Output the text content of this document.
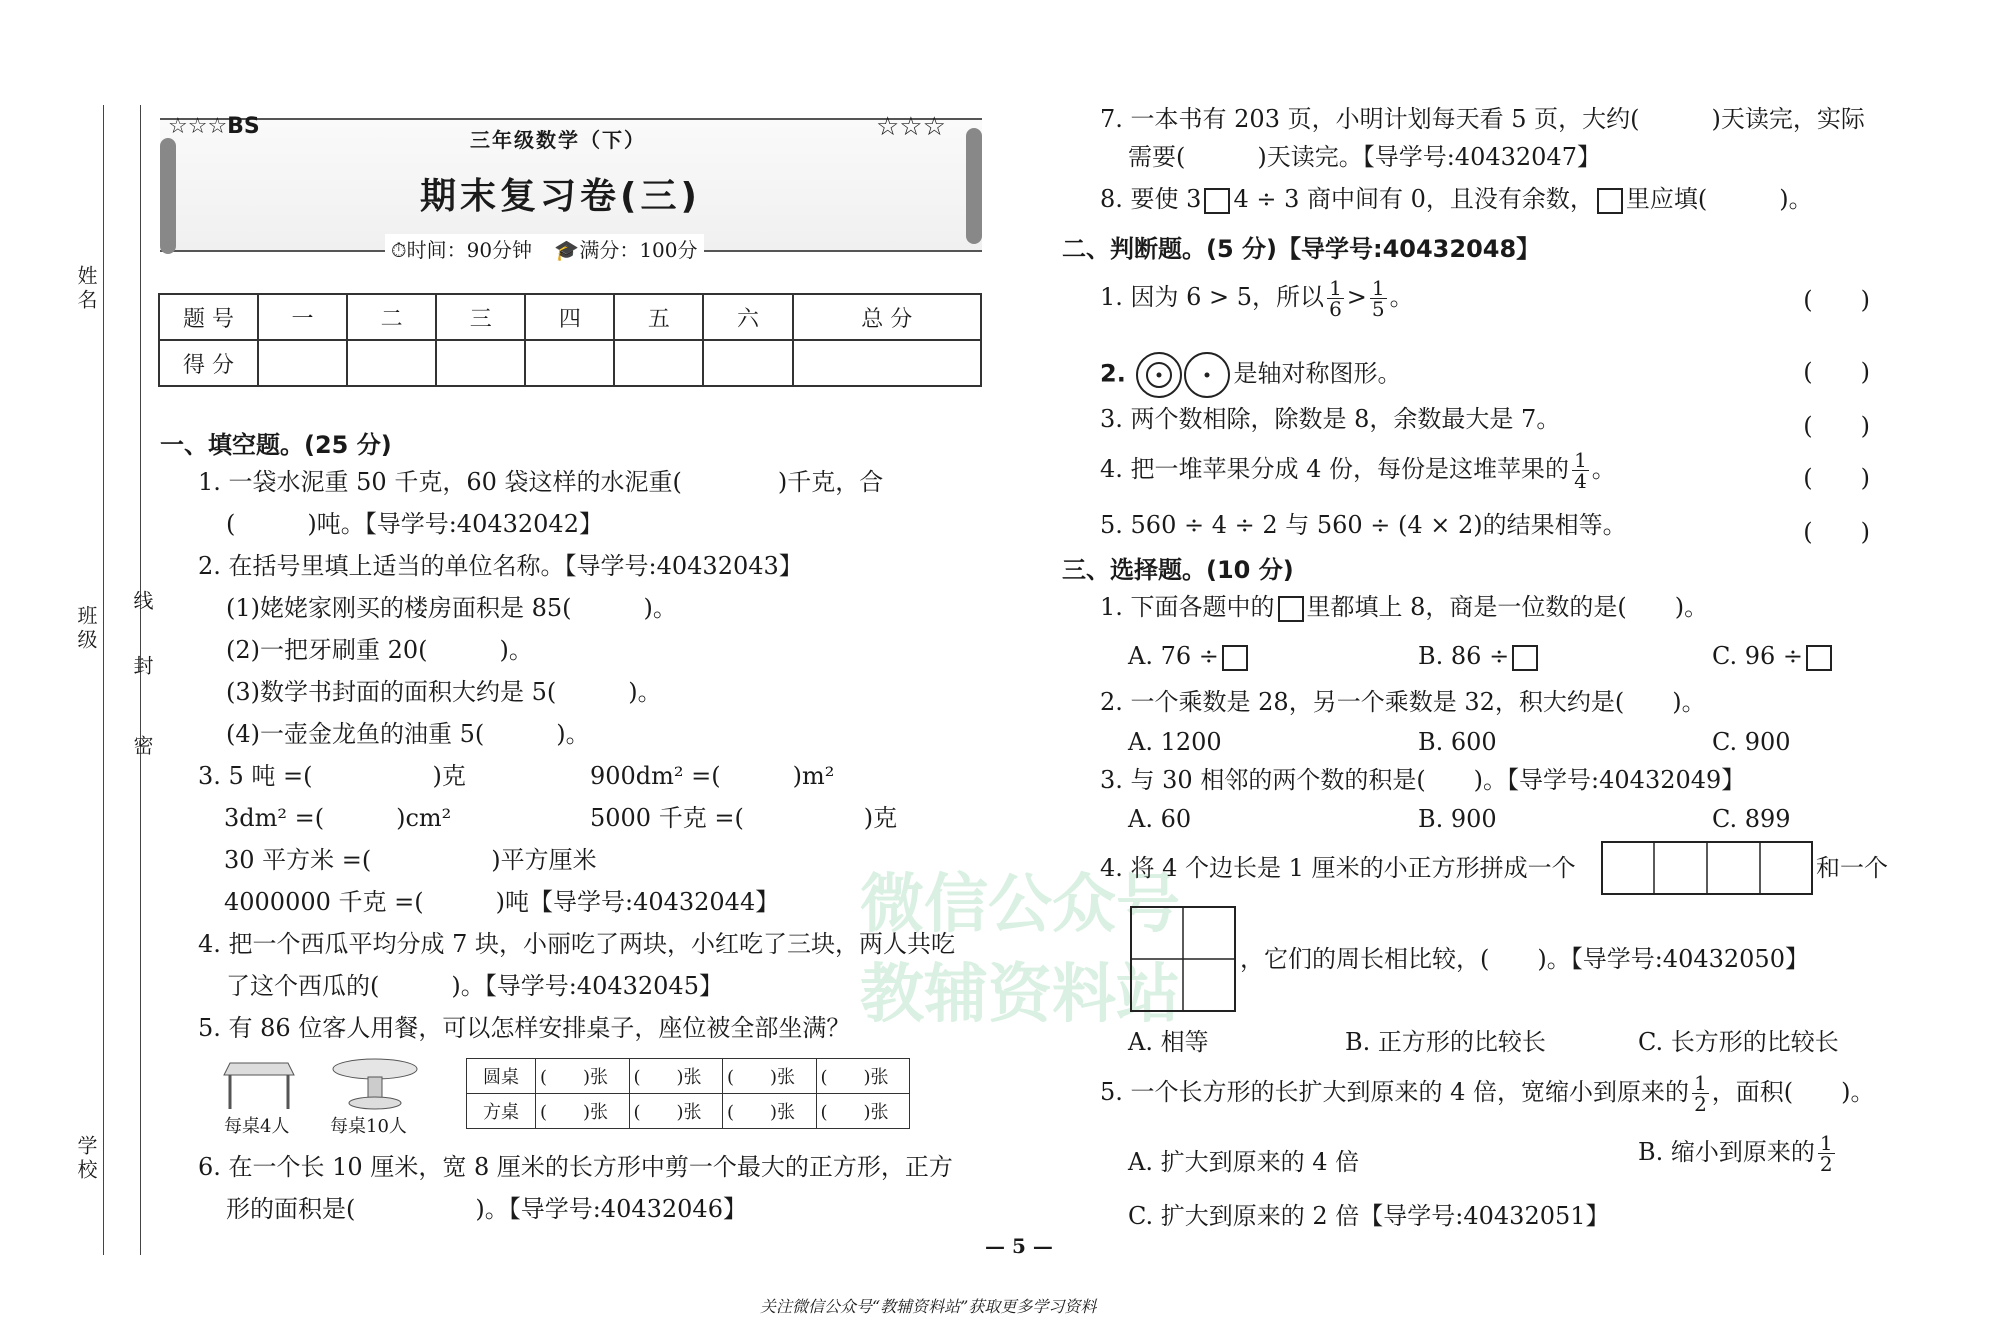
微信公众号
教辅资料站
姓名
班级
学校
线
封
密
☆☆☆BS	☆☆☆
三年级数学（下）
期末复习卷(三)
⏱时间：90分钟 🎓满分：100分
题 号	一	二	三	四	五	六	总 分
得 分							
一、填空题。(25 分)
1. 一袋水泥重 50 千克，60 袋这样的水泥重(　　　　)千克，合
(　　　)吨。【导学号:40432042】
2. 在括号里填上适当的单位名称。【导学号:40432043】
(1)姥姥家刚买的楼房面积是 85(　　　)。
(2)一把牙刷重 20(　　　)。
(3)数学书封面的面积大约是 5(　　　)。
(4)一壶金龙鱼的油重 5(　　　)。
3. 5 吨 =(　　　　　)克	900dm² =(　　　)m²
3dm² =(　　　)cm²	5000 千克 =(　　　　　)克
30 平方米 =(　　　　　)平方厘米
4000000 千克 =(　　　)吨【导学号:40432044】
4. 把一个西瓜平均分成 7 块，小丽吃了两块，小红吃了三块，两人共吃
了这个西瓜的(　　　)。【导学号:40432045】
5. 有 86 位客人用餐，可以怎样安排桌子，座位被全部坐满？
每桌4人 每桌10人
圆桌	(　　)张	(　　)张	(　　)张	(　　)张
方桌	(　　)张	(　　)张	(　　)张	(　　)张
6. 在一个长 10 厘米，宽 8 厘米的长方形中剪一个最大的正方形，正方
形的面积是(　　　　　)。【导学号:40432046】
7. 一本书有 203 页，小明计划每天看 5 页，大约(　　　)天读完，实际
需要(　　　)天读完。【导学号:40432047】
8. 要使 3 4 ÷ 3 商中间有 0，且没有余数， 里应填(　　　)。
二、判断题。(5 分)【导学号:40432048】
1. 因为 6 > 5，所以 $\frac{1}{6} > \frac{1}{5}$ 。	(　　)
2.	是轴对称图形。	(　　)
3. 两个数相除，除数是 8，余数最大是 7。	(　　)
4. 把一堆苹果分成 4 份，每份是这堆苹果的 $\frac{1}{4}$ 。	(　　)
5. 560 ÷ 4 ÷ 2 与 560 ÷ (4 × 2)的结果相等。	(　　)
三、选择题。(10 分)
1. 下面各题中的 里都填上 8，商是一位数的是(　　)。
A. 76 ÷	B. 86 ÷	C. 96 ÷
2. 一个乘数是 28，另一个乘数是 32，积大约是(　　)。
A. 1200	B. 600	C. 900
3. 与 30 相邻的两个数的积是(　　)。【导学号:40432049】
A. 60	B. 900	C. 899
4. 将 4 个边长是 1 厘米的小正方形拼成一个	和一个
，它们的周长相比较，(　　)。【导学号:40432050】
A. 相等	B. 正方形的比较长	C. 长方形的比较长
5. 一个长方形的长扩大到原来的 4 倍，宽缩小到原来的 $\frac{1}{2}$ ，面积(　　)。
A. 扩大到原来的 4 倍	B. 缩小到原来的 $\frac{1}{2}$
C. 扩大到原来的 2 倍【导学号:40432051】
— 5 —
关注微信公众号“教辅资料站”获取更多学习资料
